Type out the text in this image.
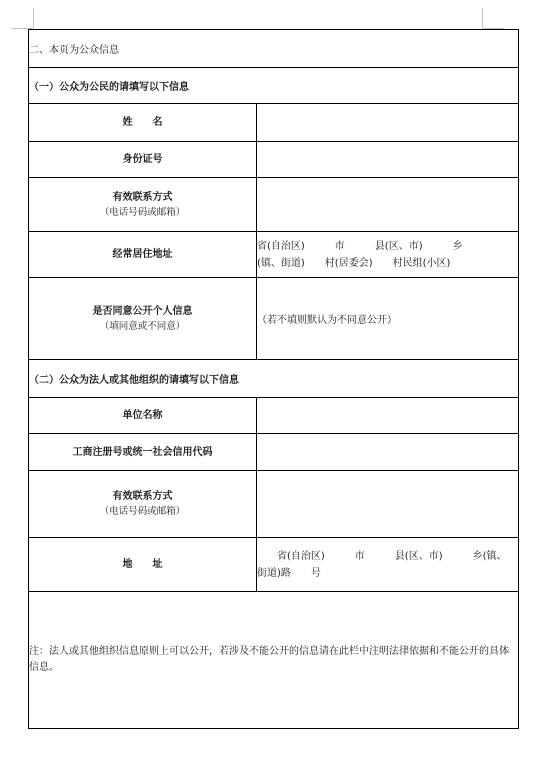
二、本页为公众信息	
（一）公众为公民的请填写以下信息	
姓　　名	
身份证号	
有效联系方式
（电话号码或邮箱）	

经常居住地址	省(自治区)　　　市　　　县(区、市)　　　乡
(镇、街道)　　村(居委会)　　村民组(小区)

是否同意公开个人信息
（填同意或不同意）	（若不填则默认为不同意公开）
（二）公众为法人或其他组织的请填写以下信息	
单位名称	
工商注册号或统一社会信用代码	
有效联系方式
（电话号码或邮箱）	

地　　址	　　省(自治区)　　　市　　　县(区、市)　　　乡(镇、
街道)路　　号

注：法人或其他组织信息原则上可以公开，若涉及不能公开的信息请在此栏中注明法律依据和不能公开的具体信息。	
